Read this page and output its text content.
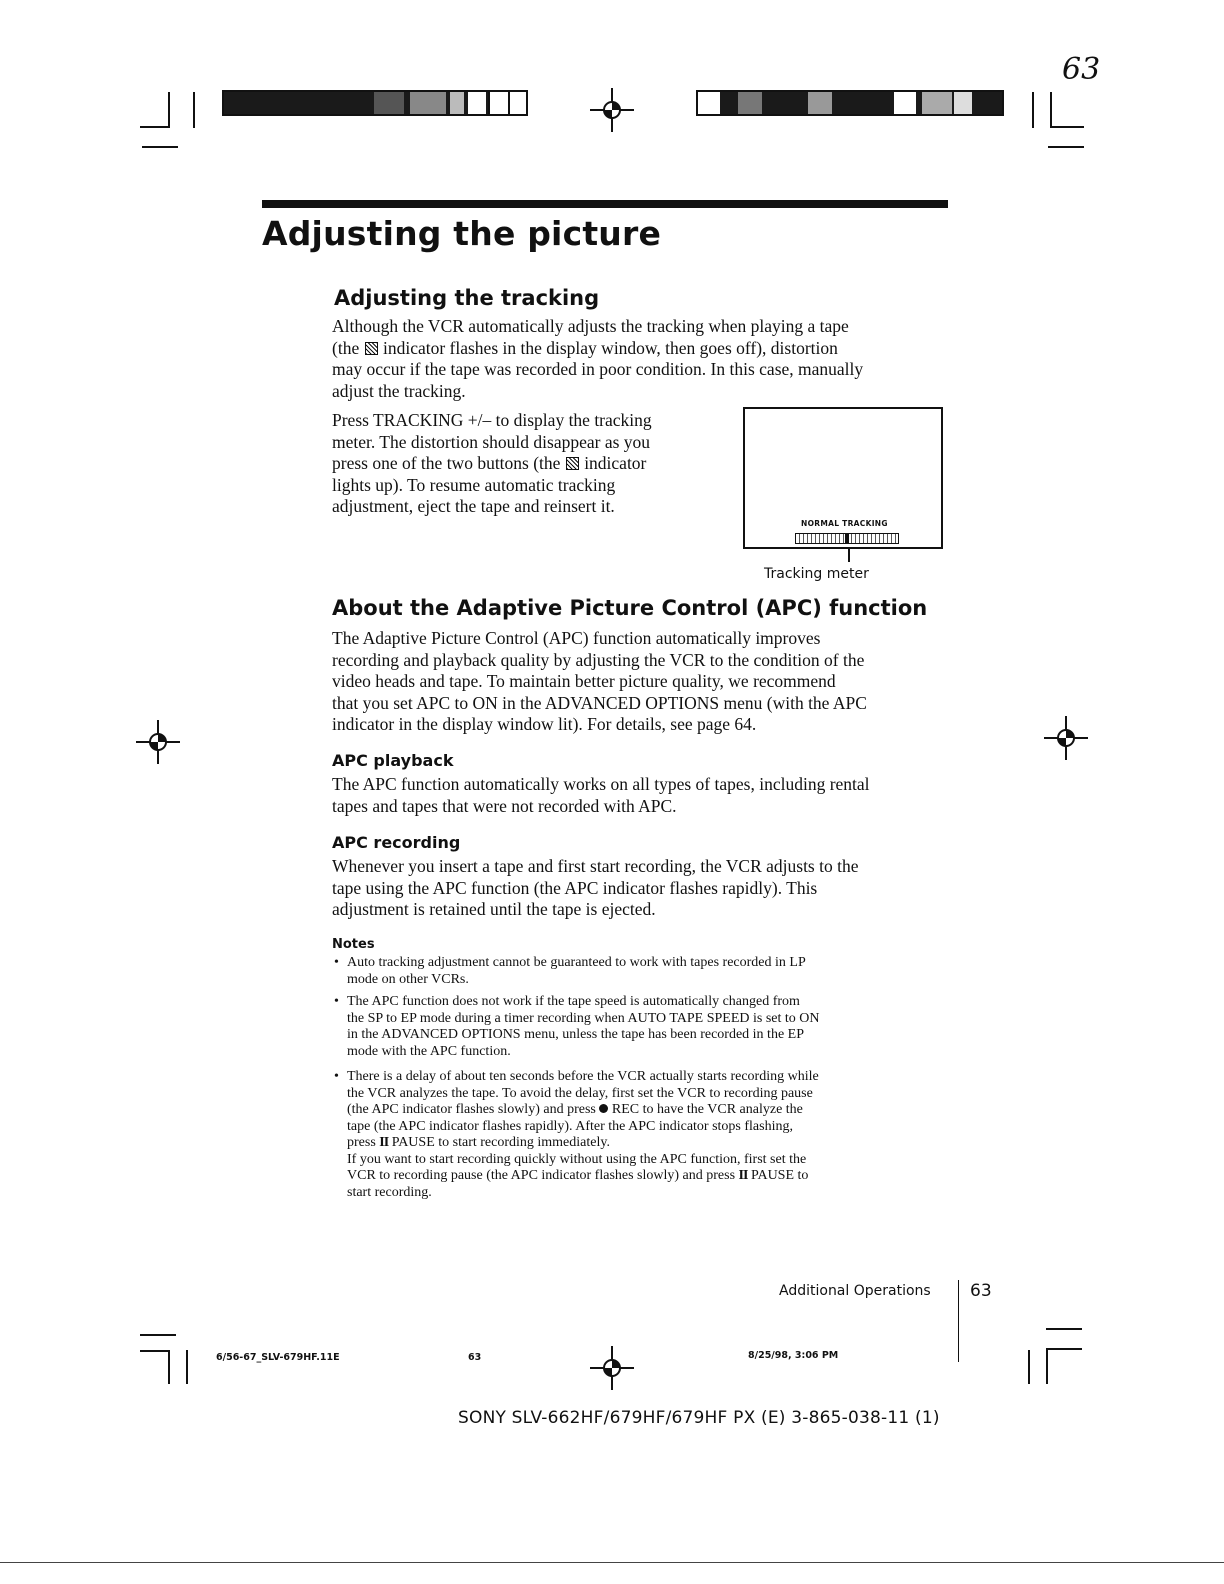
63
Adjusting the picture
Adjusting the tracking

Although the VCR automatically adjusts the tracking when playing a tape
(the  indicator flashes in the display window, then goes off), distortion
may occur if the tape was recorded in poor condition. In this case, manually
adjust the tracking.

Press TRACKING +/– to display the tracking
meter. The distortion should disappear as you
press one of the two buttons (the  indicator
lights up). To resume automatic tracking
adjustment, eject the tape and reinsert it.

NORMAL TRACKING
Tracking meter
About the Adaptive Picture Control (APC) function

The Adaptive Picture Control (APC) function automatically improves
recording and playback quality by adjusting the VCR to the condition of the
video heads and tape. To maintain better picture quality, we recommend
that you set APC to ON in the ADVANCED OPTIONS menu (with the APC
indicator in the display window lit). For details, see page 64.

APC playback

The APC function automatically works on all types of tapes, including rental
tapes and tapes that were not recorded with APC.

APC recording

Whenever you insert a tape and first start recording, the VCR adjusts to the
tape using the APC function (the APC indicator flashes rapidly). This
adjustment is retained until the tape is ejected.

Notes
• Auto tracking adjustment cannot be guaranteed to work with tapes recorded in LP
mode on other VCRs.

• The APC function does not work if the tape speed is automatically changed from
the SP to EP mode during a timer recording when AUTO TAPE SPEED is set to ON
in the ADVANCED OPTIONS menu, unless the tape has been recorded in the EP
mode with the APC function.

• There is a delay of about ten seconds before the VCR actually starts recording while
the VCR analyzes the tape. To avoid the delay, first set the VCR to recording pause
(the APC indicator flashes slowly) and press  REC to have the VCR analyze the
tape (the APC indicator flashes rapidly). After the APC indicator stops flashing,
press II PAUSE to start recording immediately.
If you want to start recording quickly without using the APC function, first set the
VCR to recording pause (the APC indicator flashes slowly) and press II PAUSE to
start recording.

Additional Operations 63
6/56-67_SLV-679HF.11E	63	8/25/98, 3:06 PM
SONY SLV-662HF/679HF/679HF PX (E) 3-865-038-11 (1)
